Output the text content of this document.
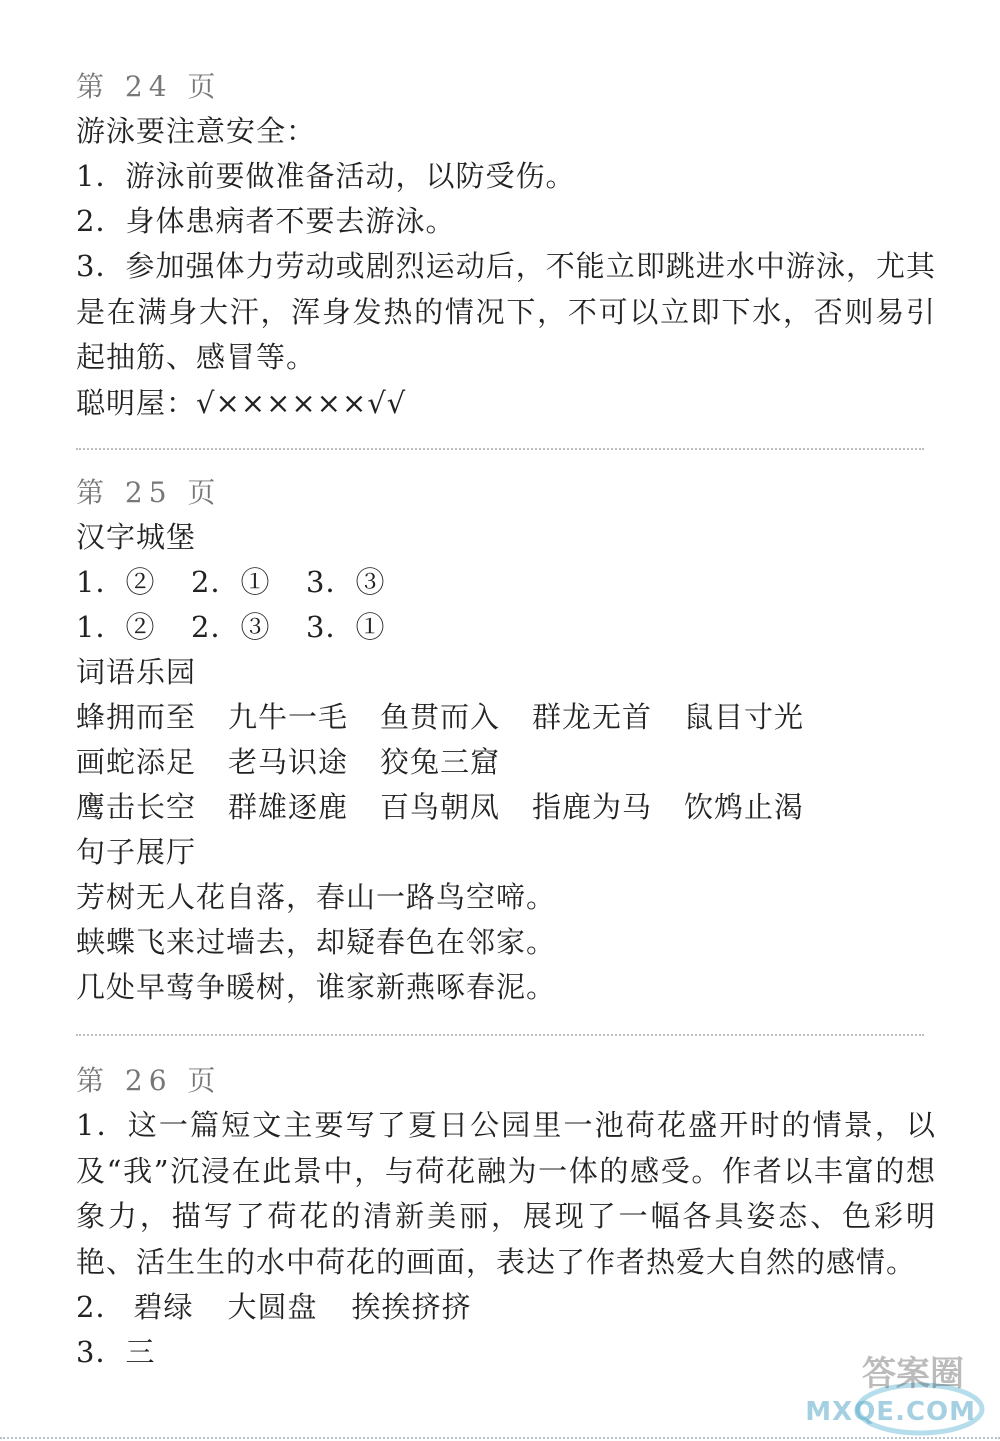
第 24 页
游泳要注意安全：
1．游泳前要做准备活动，以防受伤。
2．身体患病者不要去游泳。
3．参加强体力劳动或剧烈运动后，不能立即跳进水中游泳，尤其是在满身大汗，浑身发热的情况下，不可以立即下水，否则易引起抽筋、感冒等。
聪明屋：√××××××√√
第 25 页
汉字城堡
1．②	2．①	3．③
1．②	2．③	3．①
词语乐园
蜂拥而至	九牛一毛	鱼贯而入	群龙无首	鼠目寸光
画蛇添足	老马识途	狡兔三窟
鹰击长空	群雄逐鹿	百鸟朝凤	指鹿为马	饮鸩止渴
句子展厅
芳树无人花自落，春山一路鸟空啼。
蛱蝶飞来过墙去，却疑春色在邻家。
几处早莺争暖树，谁家新燕啄春泥。
第 26 页
1．这一篇短文主要写了夏日公园里一池荷花盛开时的情景，以及“我”沉浸在此景中，与荷花融为一体的感受。作者以丰富的想象力，描写了荷花的清新美丽，展现了一幅各具姿态、色彩明艳、活生生的水中荷花的画面，表达了作者热爱大自然的感情。
2． 碧绿 大圆盘 挨挨挤挤
3．三
答案圈
MXQE.COM
